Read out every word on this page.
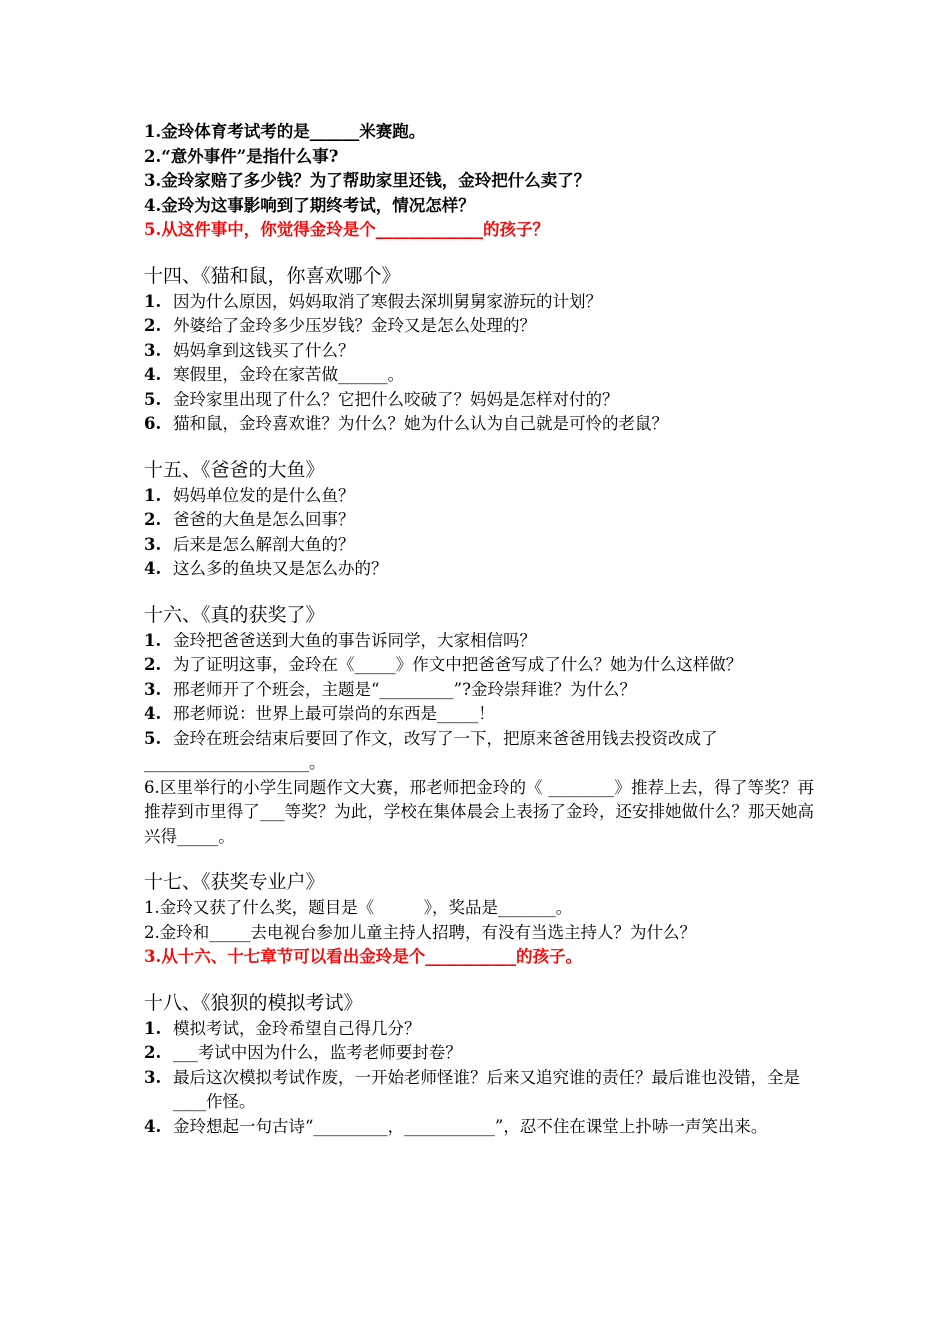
1.金玲体育考试考的是______米赛跑。
2.“意外事件”是指什么事?
3.金玲家赔了多少钱？为了帮助家里还钱，金玲把什么卖了？
4.金玲为这事影响到了期终考试，情况怎样？
5.从这件事中，你觉得金玲是个_____________的孩子？
十四、《猫和鼠，你喜欢哪个》
1. 因为什么原因，妈妈取消了寒假去深圳舅舅家游玩的计划？
2. 外婆给了金玲多少压岁钱？金玲又是怎么处理的？
3. 妈妈拿到这钱买了什么？
4. 寒假里，金玲在家苦做______。
5. 金玲家里出现了什么？它把什么咬破了？妈妈是怎样对付的？
6. 猫和鼠，金玲喜欢谁？为什么？她为什么认为自己就是可怜的老鼠？
十五、《爸爸的大鱼》
1. 妈妈单位发的是什么鱼？
2. 爸爸的大鱼是怎么回事？
3. 后来是怎么解剖大鱼的？
4. 这么多的鱼块又是怎么办的？
十六、《真的获奖了》
1. 金玲把爸爸送到大鱼的事告诉同学，大家相信吗？
2. 为了证明这事，金玲在《_____》作文中把爸爸写成了什么？她为什么这样做？
3. 邢老师开了个班会，主题是“_________”?金玲崇拜谁？为什么？
4. 邢老师说：世界上最可崇尚的东西是_____！
5. 金玲在班会结束后要回了作文，改写了一下，把原来爸爸用钱去投资改成了
____________________。
6.区里举行的小学生同题作文大赛，邢老师把金玲的《 ________》推荐上去，得了等奖？再推荐到市里得了___等奖？为此，学校在集体晨会上表扬了金玲，还安排她做什么？那天她高兴得_____。
十七、《获奖专业户》
1.金玲又获了什么奖，题目是《　　　》，奖品是_______。
2.金玲和_____去电视台参加儿童主持人招聘，有没有当选主持人？为什么？
3.从十六、十七章节可以看出金玲是个___________的孩子。
十八、《狼狈的模拟考试》
1. 模拟考试，金玲希望自己得几分？
2. ___考试中因为什么，监考老师要封卷？
3. 最后这次模拟考试作废，一开始老师怪谁？后来又追究谁的责任？最后谁也没错，全是____作怪。
4. 金玲想起一句古诗“_________，___________”，忍不住在课堂上扑哧一声笑出来。
